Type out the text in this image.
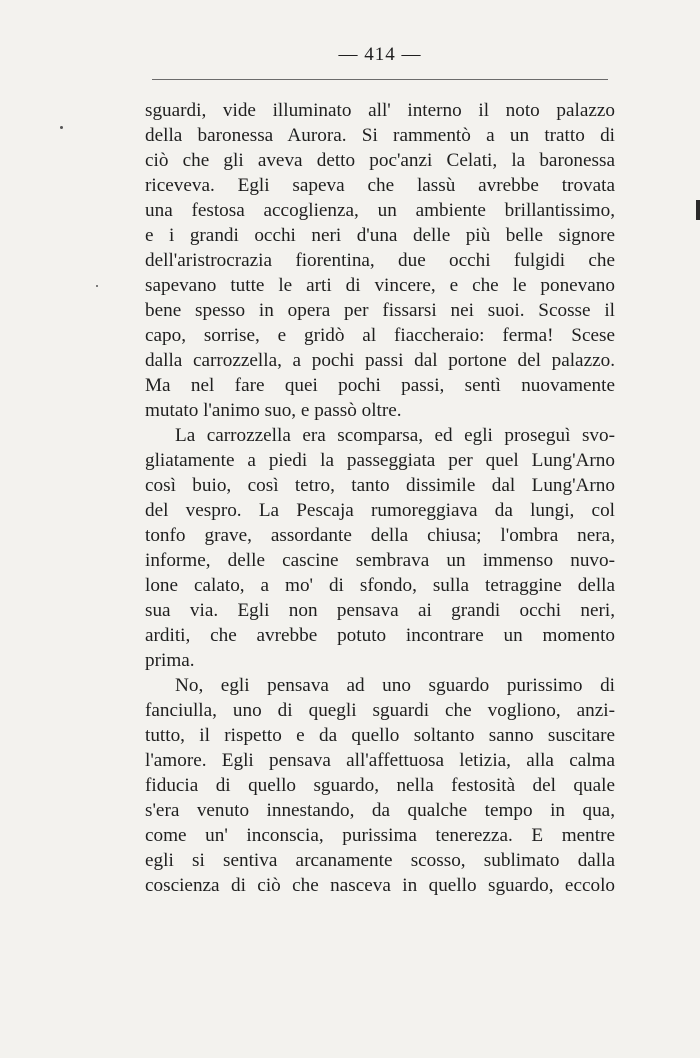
— 414 —
sguardi, vide illuminato all' interno il noto palazzo
della baronessa Aurora. Si rammentò a un tratto di
ciò che gli aveva detto poc'anzi Celati, la baronessa
riceveva. Egli sapeva che lassù avrebbe trovata
una festosa accoglienza, un ambiente brillantissimo,
e i grandi occhi neri d'una delle più belle signore
dell'aristrocrazia fiorentina, due occhi fulgidi che
sapevano tutte le arti di vincere, e che le ponevano
bene spesso in opera per fissarsi nei suoi. Scosse il
capo, sorrise, e gridò al fiaccheraio: ferma! Scese
dalla carrozzella, a pochi passi dal portone del palazzo.
Ma nel fare quei pochi passi, sentì nuovamente
mutato l'animo suo, e passò oltre.
La carrozzella era scomparsa, ed egli proseguì svo-
gliatamente a piedi la passeggiata per quel Lung'Arno
così buio, così tetro, tanto dissimile dal Lung'Arno
del vespro. La Pescaja rumoreggiava da lungi, col
tonfo grave, assordante della chiusa; l'ombra nera,
informe, delle cascine sembrava un immenso nuvo-
lone calato, a mo' di sfondo, sulla tetraggine della
sua via. Egli non pensava ai grandi occhi neri,
arditi, che avrebbe potuto incontrare un momento
prima.
No, egli pensava ad uno sguardo purissimo di
fanciulla, uno di quegli sguardi che vogliono, anzi-
tutto, il rispetto e da quello soltanto sanno suscitare
l'amore. Egli pensava all'affettuosa letizia, alla calma
fiducia di quello sguardo, nella festosità del quale
s'era venuto innestando, da qualche tempo in qua,
come un' inconscia, purissima tenerezza. E mentre
egli si sentiva arcanamente scosso, sublimato dalla
coscienza di ciò che nasceva in quello sguardo, eccolo
